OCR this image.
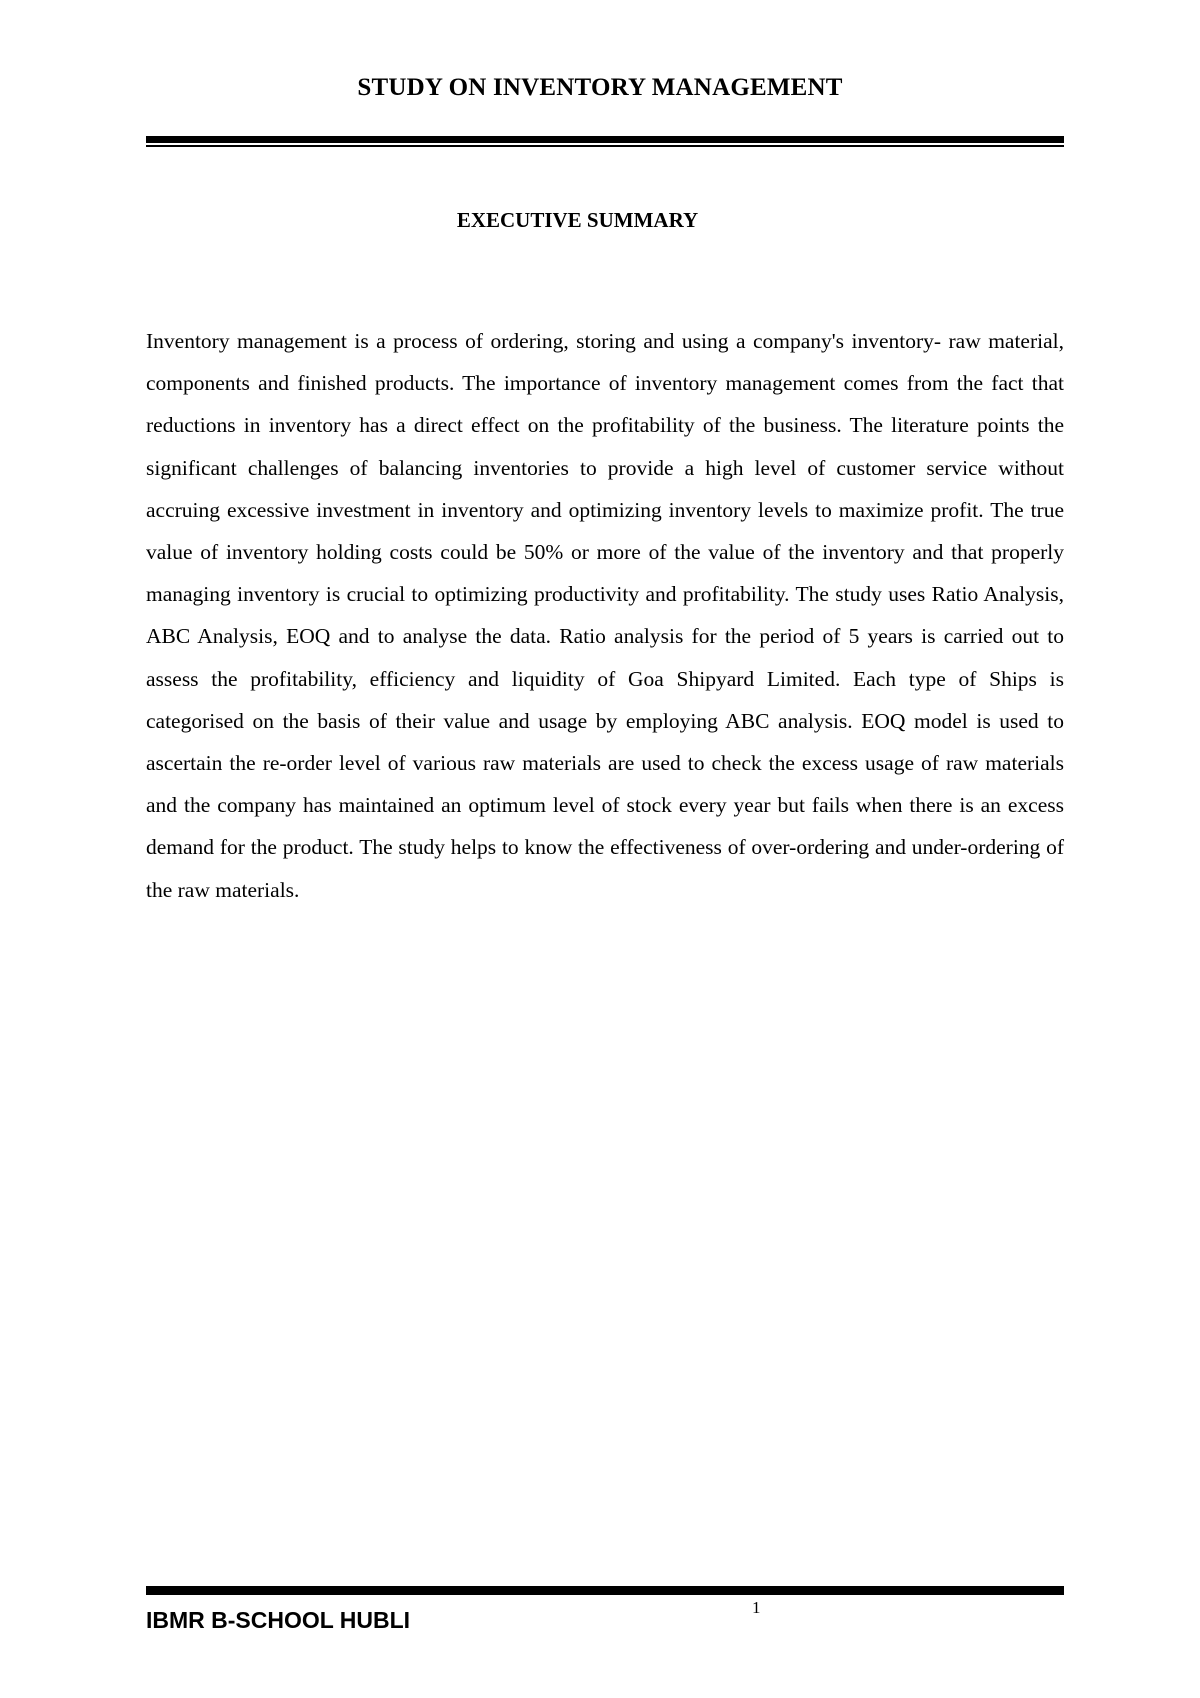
STUDY ON INVENTORY MANAGEMENT
EXECUTIVE SUMMARY

Inventory management is a process of ordering, storing and using a company's inventory- raw material, components and finished products. The importance of inventory management comes from the fact that reductions in inventory has a direct effect on the profitability of the business. The literature points the significant challenges of balancing inventories to provide a high level of customer service without accruing excessive investment in inventory and optimizing inventory levels to maximize profit. The true value of inventory holding costs could be 50% or more of the value of the inventory and that properly managing inventory is crucial to optimizing productivity and profitability. The study uses Ratio Analysis, ABC Analysis, EOQ and to analyse the data. Ratio analysis for the period of 5 years is carried out to assess the profitability, efficiency and liquidity of Goa Shipyard Limited. Each type of Ships is categorised on the basis of their value and usage by employing ABC analysis. EOQ model is used to ascertain the re-order level of various raw materials are used to check the excess usage of raw materials and the company has maintained an optimum level of stock every year but fails when there is an excess demand for the product. The study helps to know the effectiveness of over-ordering and under-ordering of the raw materials.

1
IBMR B-SCHOOL HUBLI
